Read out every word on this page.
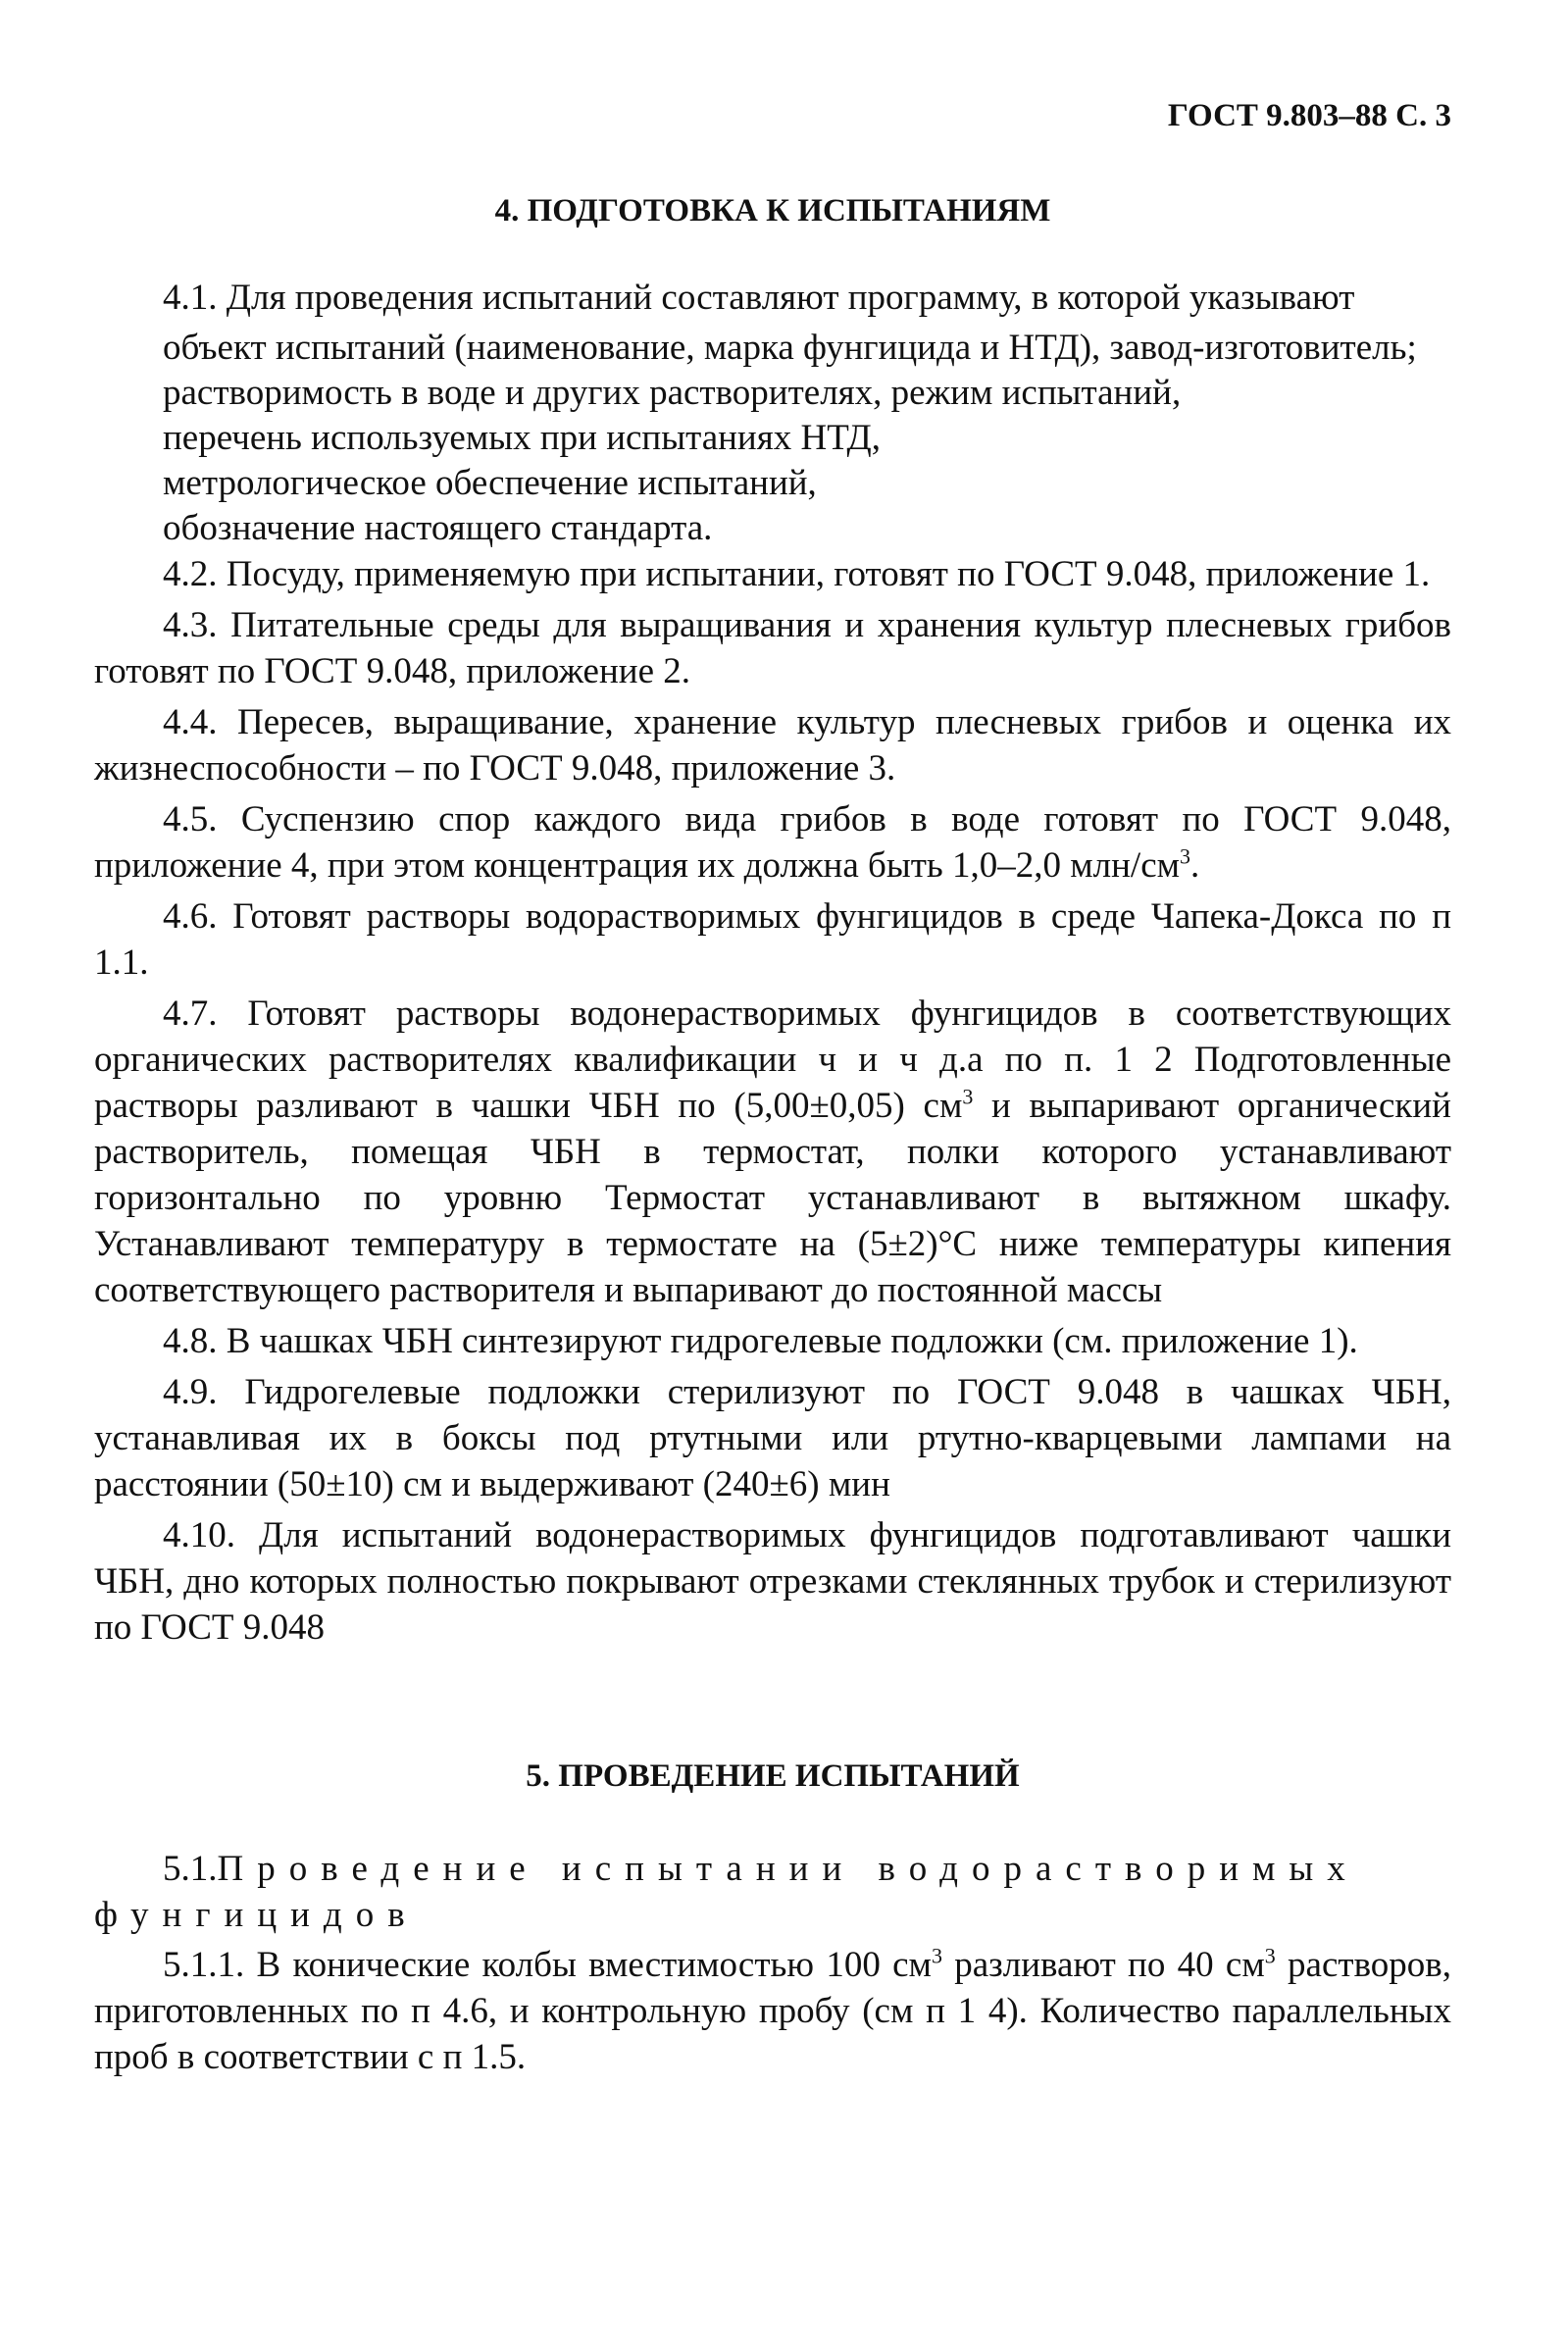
ГОСТ 9.803–88 С. 3
4. ПОДГОТОВКА К ИСПЫТАНИЯМ

4.1. Для проведения испытаний составляют программу, в которой указывают

объект испытаний (наименование, марка фунгицида и НТД), завод-изготовитель;

растворимость в воде и других растворителях, режим испытаний,

перечень используемых при испытаниях НТД,

метрологическое обеспечение испытаний,

обозначение настоящего стандарта.

4.2. Посуду, применяемую при испытании, готовят по ГОСТ 9.048, приложение 1.

4.3. Питательные среды для выращивания и хранения культур плесневых грибов готовят по ГОСТ 9.048, приложение 2.

4.4. Пересев, выращивание, хранение культур плесневых грибов и оценка их жизнеспособности – по ГОСТ 9.048, приложение 3.

4.5. Суспензию спор каждого вида грибов в воде готовят по ГОСТ 9.048, приложение 4, при этом концентрация их должна быть 1,0–2,0 млн/$см^3$.

4.6. Готовят растворы водорастворимых фунгицидов в среде Чапека-Докса по п 1.1.

4.7. Готовят растворы водонерастворимых фунгицидов в соответствующих органических растворителях квалификации ч и ч д.а по п. 1 2 Подготовленные растворы разливают в чашки ЧБН по (5,00±0,05) $см^3$ и выпаривают органический растворитель, помещая ЧБН в термостат, полки которого устанавливают горизонтально по уровню Термостат устанавливают в вытяжном шкафу. Устанавливают температуру в термостате на (5±2)°С ниже температуры кипения соответствующего растворителя и выпаривают до постоянной массы

4.8. В чашках ЧБН синтезируют гидрогелевые подложки (см. приложение 1).

4.9. Гидрогелевые подложки стерилизуют по ГОСТ 9.048 в чашках ЧБН, устанавливая их в боксы под ртутными или ртутно-кварцевыми лампами на расстоянии (50±10) см и выдерживают (240±6) мин

4.10. Для испытаний водонерастворимых фунгицидов подготавливают чашки ЧБН, дно которых полностью покрывают отрезками стеклянных трубок и стерилизуют по ГОСТ 9.048

5. ПРОВЕДЕНИЕ ИСПЫТАНИЙ

5.1.Проведение испытании водорастворимых фунгицидов

5.1.1. В конические колбы вместимостью 100 $см^3$ разливают по 40 $см^3$ растворов, приготовленных по п 4.6, и контрольную пробу (см п 1 4). Количество параллельных проб в соответствии с п 1.5.
